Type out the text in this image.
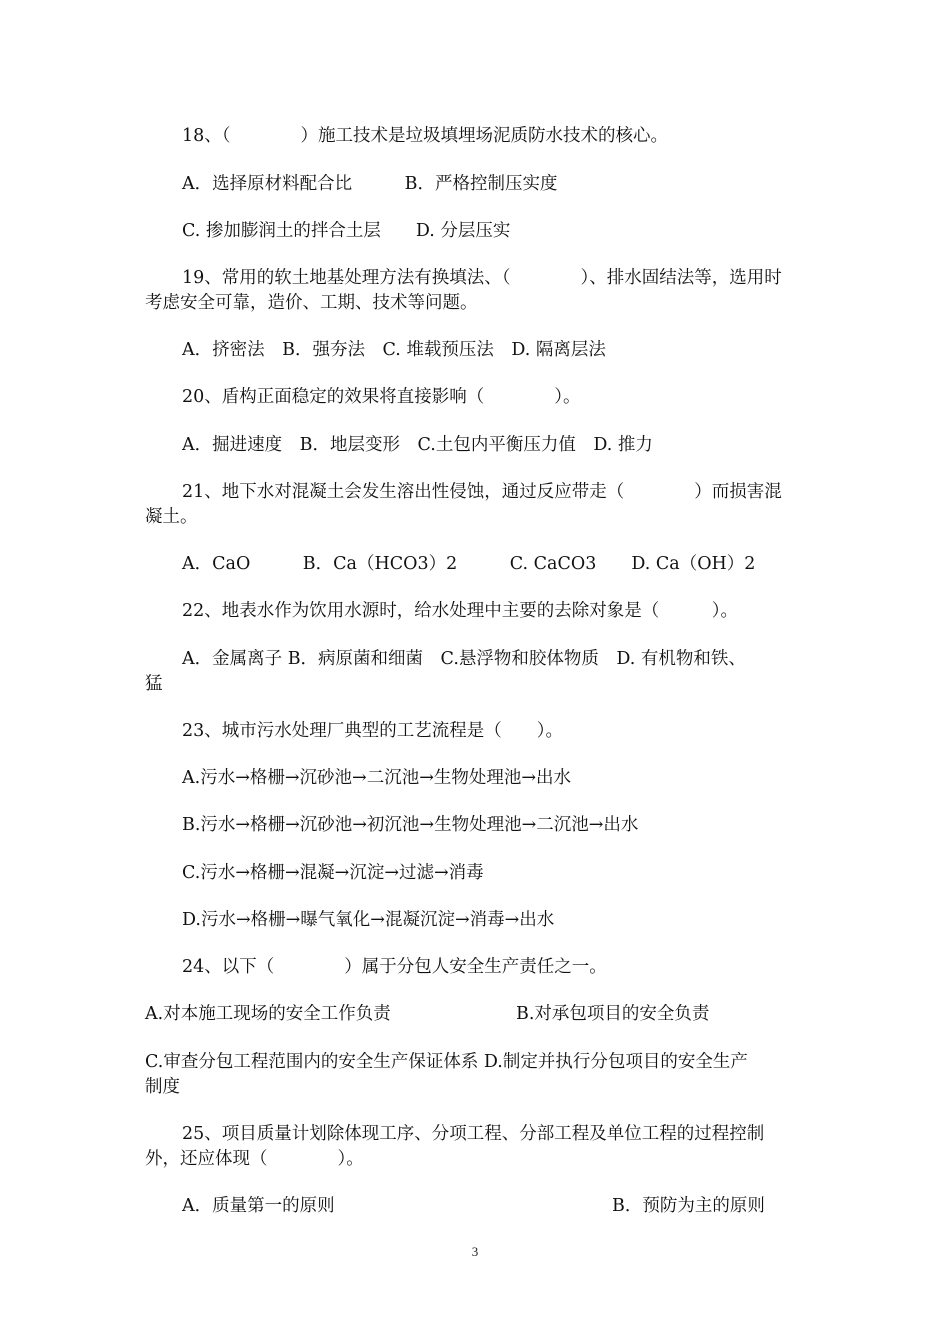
18、（　　　　）施工技术是垃圾填埋场泥质防水技术的核心。
A．选择原材料配合比　　　B．严格控制压实度
C. 掺加膨润土的拌合土层　　D. 分层压实
19、常用的软土地基处理方法有换填法、（　　　　）、排水固结法等，选用时
考虑安全可靠，造价、工期、技术等问题。
A．挤密法　B．强夯法　C. 堆载预压法　D. 隔离层法
20、盾构正面稳定的效果将直接影响（　　　　）。
A．掘进速度　B．地层变形　C.土包内平衡压力值　D. 推力
21、地下水对混凝土会发生溶出性侵蚀，通过反应带走（　　　　）而损害混
凝土。
A．CaO　　　B．Ca（HCO3）2　　　C. CaCO3　　D. Ca（OH）2
22、地表水作为饮用水源时，给水处理中主要的去除对象是（　　　）。
A．金属离子 B．病原菌和细菌　C.悬浮物和胶体物质　D. 有机物和铁、
猛
23、城市污水处理厂典型的工艺流程是（　　）。
A.污水→格栅→沉砂池→二沉池→生物处理池→出水
B.污水→格栅→沉砂池→初沉池→生物处理池→二沉池→出水
C.污水→格栅→混凝→沉淀→过滤→消毒
D.污水→格栅→曝气氧化→混凝沉淀→消毒→出水
24、以下（　　　　）属于分包人安全生产责任之一。
A.对本施工现场的安全工作负责	B.对承包项目的安全负责
C.审查分包工程范围内的安全生产保证体系 D.制定并执行分包项目的安全生产
制度
25、项目质量计划除体现工序、分项工程、分部工程及单位工程的过程控制
外，还应体现（　　　　）。
A．质量第一的原则	B．预防为主的原则
3
